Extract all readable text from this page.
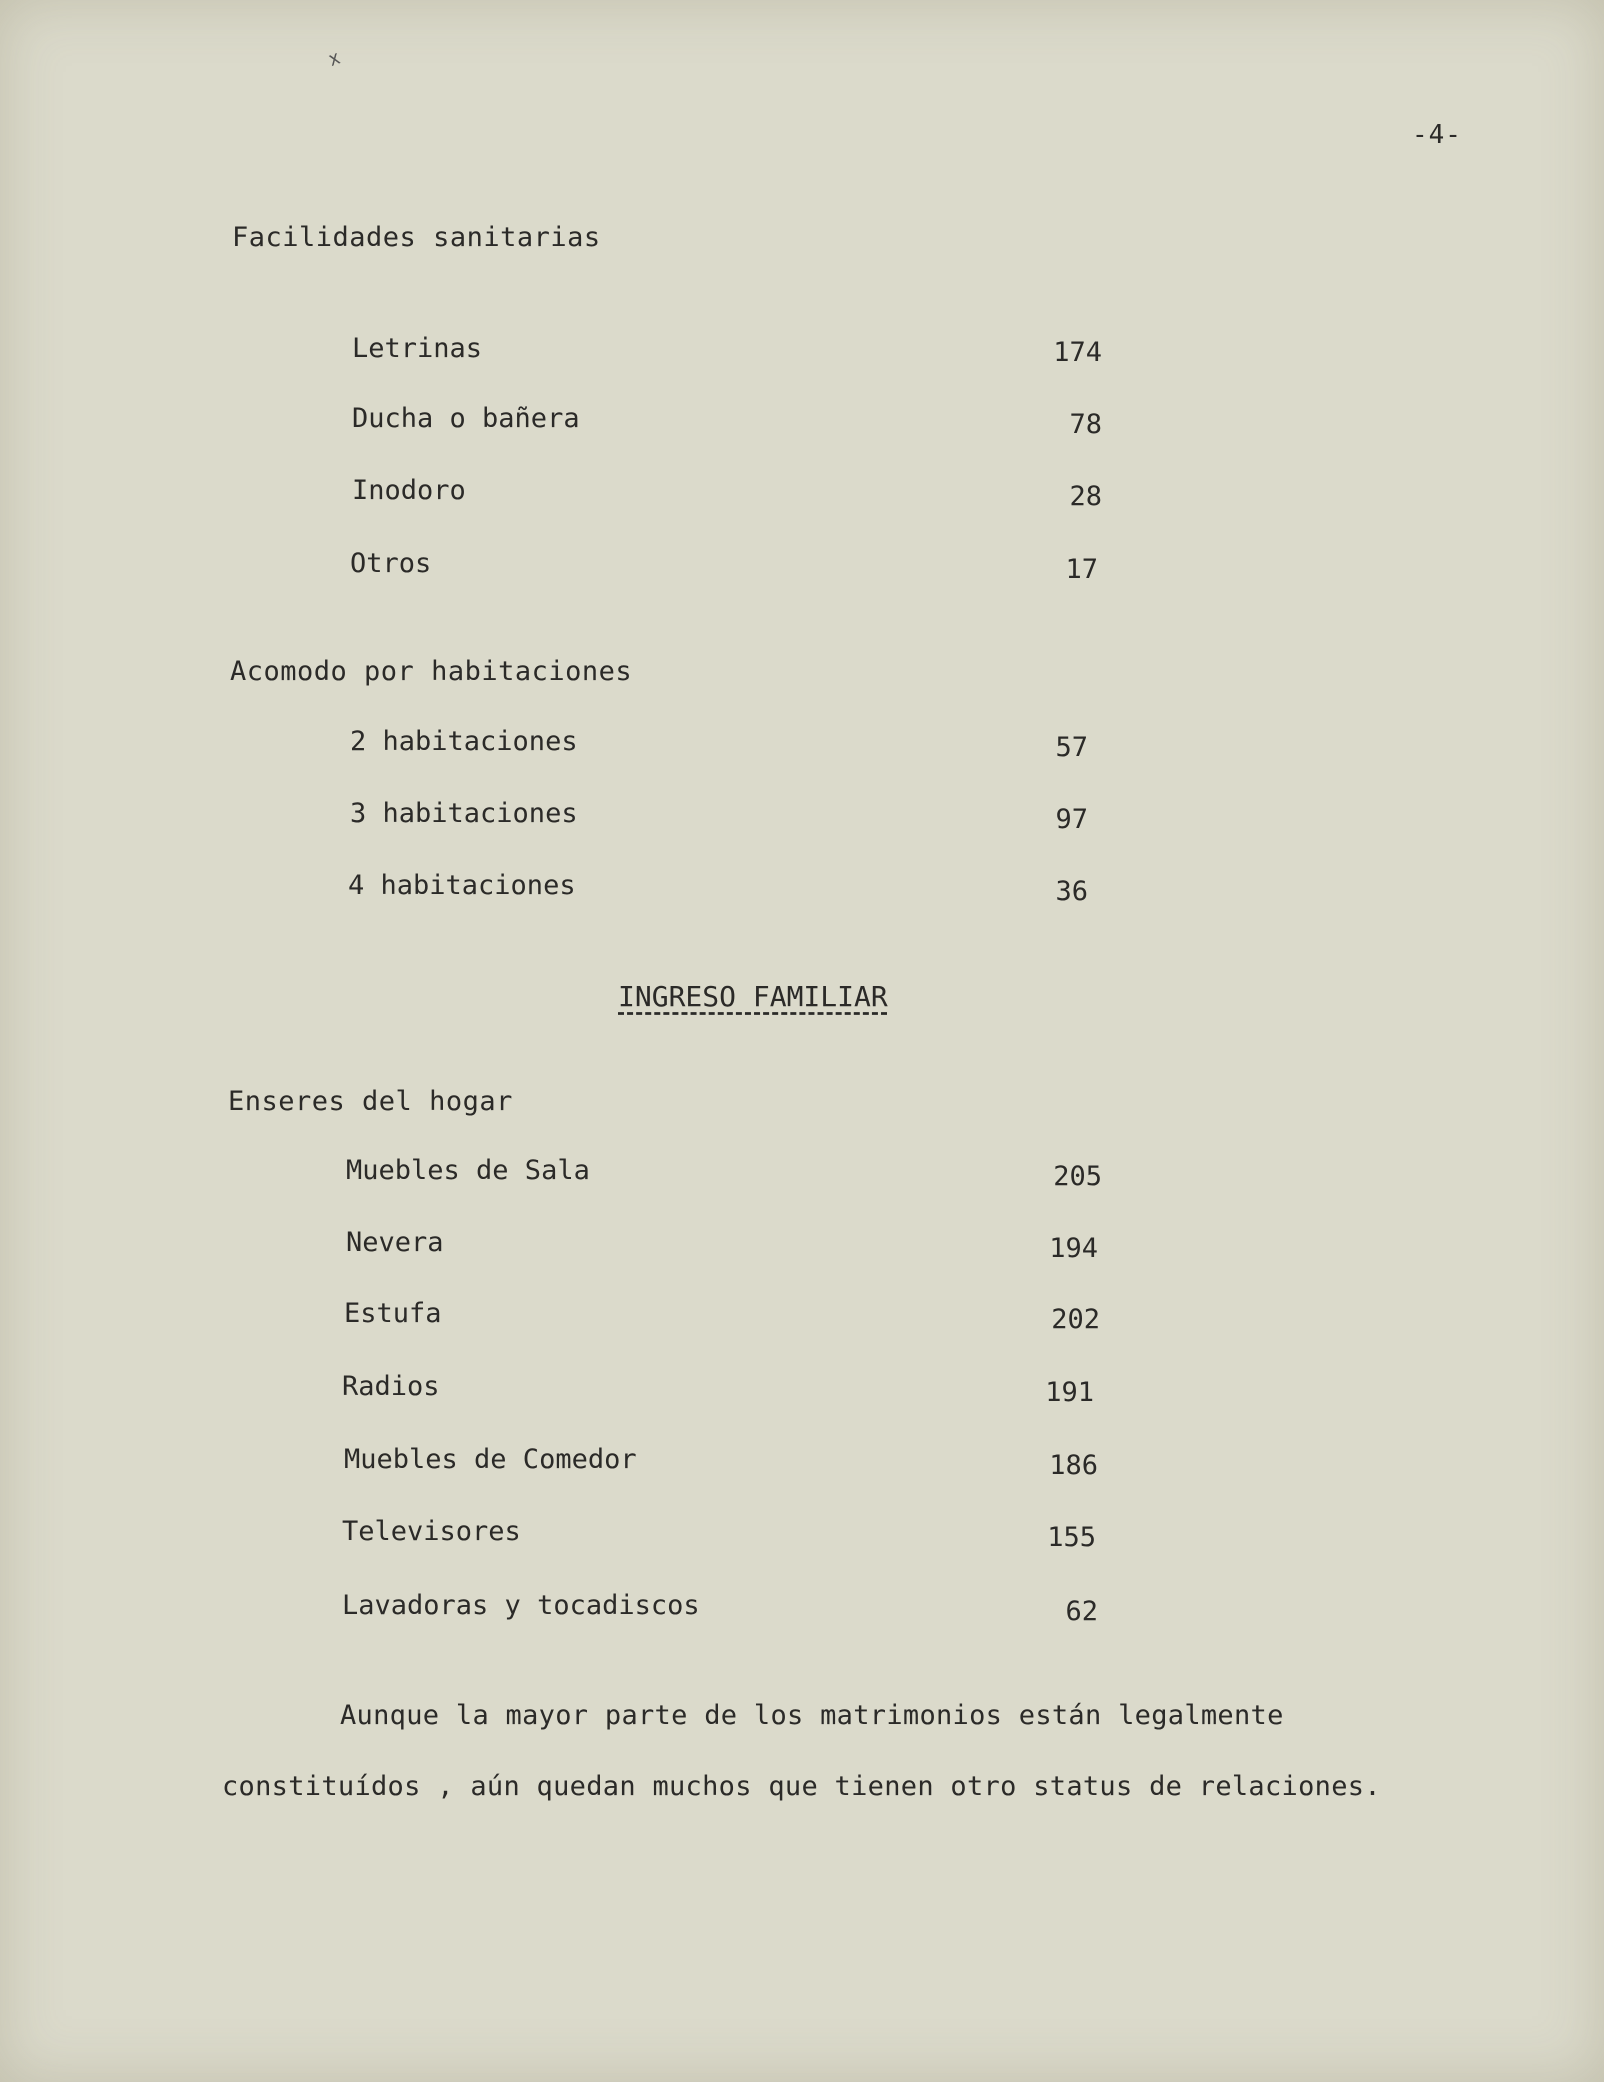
ᕽ
-4-
Facilidades sanitarias
Letrinas	174
Ducha o bañera	78
Inodoro	28
Otros	17
Acomodo por habitaciones
2 habitaciones	57
3 habitaciones	97
4 habitaciones	36
INGRESO FAMILIAR
Enseres del hogar
Muebles de Sala	205
Nevera	194
Estufa	202
Radios	191
Muebles de Comedor	186
Televisores	155
Lavadoras y tocadiscos	62
Aunque la mayor parte de los matrimonios están legalmente
constituídos , aún quedan muchos que tienen otro status de relaciones.
